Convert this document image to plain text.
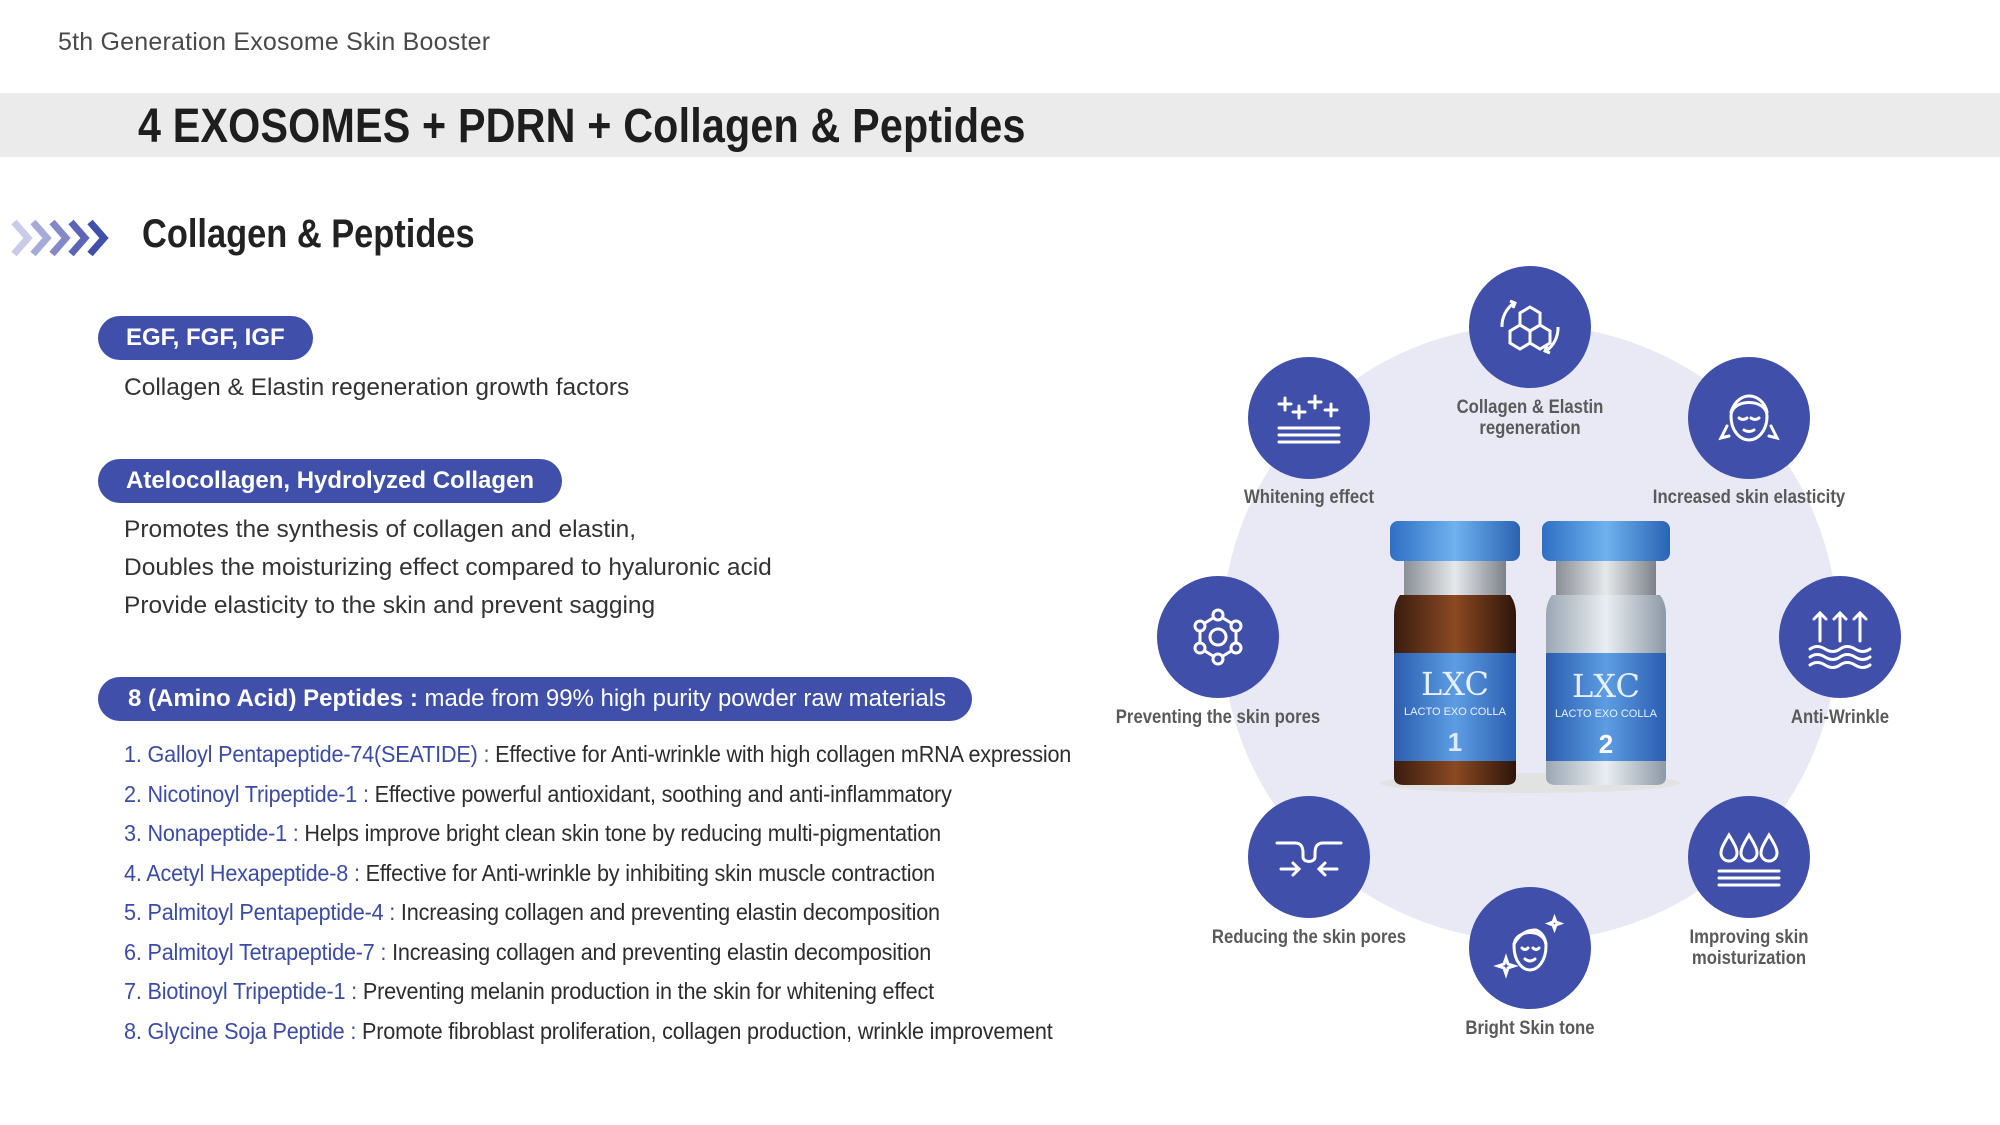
5th Generation Exosome Skin Booster
4 EXOSOMES + PDRN + Collagen & Peptides
Collagen & Peptides
EGF, FGF, IGF
Collagen & Elastin regeneration growth factors
Atelocollagen, Hydrolyzed Collagen
Promotes the synthesis of collagen and elastin,
Doubles the moisturizing effect compared to hyaluronic acid
Provide elasticity to the skin and prevent sagging
8 (Amino Acid) Peptides : made from 99% high purity powder raw materials
1. Galloyl Pentapeptide-74(SEATIDE) : Effective for Anti-wrinkle with high collagen mRNA expression
2. Nicotinoyl Tripeptide-1 : Effective powerful antioxidant, soothing and anti-inflammatory
3. Nonapeptide-1 : Helps improve bright clean skin tone by reducing multi-pigmentation
4. Acetyl Hexapeptide-8 : Effective for Anti-wrinkle by inhibiting skin muscle contraction
5. Palmitoyl Pentapeptide-4 : Increasing collagen and preventing elastin decomposition
6. Palmitoyl Tetrapeptide-7 : Increasing collagen and preventing elastin decomposition
7. Biotinoyl Tripeptide-1 : Preventing melanin production in the skin for whitening effect
8. Glycine Soja Peptide : Promote fibroblast proliferation, collagen production, wrinkle improvement
Collagen & Elastin
regeneration
Increased skin elasticity
Anti-Wrinkle
Improving skin moisturization
Bright Skin tone
Reducing the skin pores
Preventing the skin pores
Whitening effect
LXC
LACTO EXO COLLA
1
LXC
LACTO EXO COLLA
2
